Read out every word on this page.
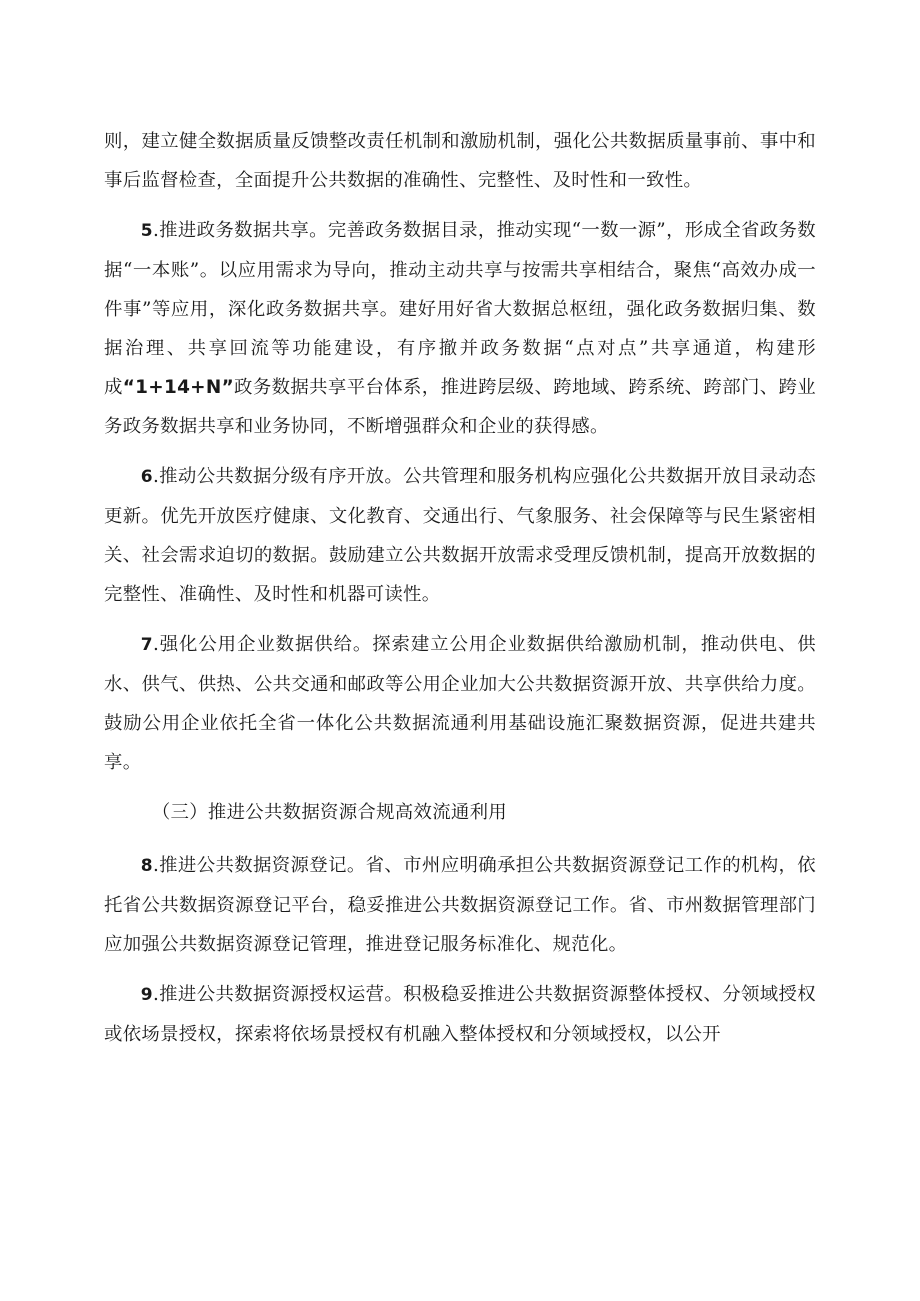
则，建立健全数据质量反馈整改责任机制和激励机制，强化公共数据质量事前、事中和事后监督检查，全面提升公共数据的准确性、完整性、及时性和一致性。

5.推进政务数据共享。完善政务数据目录，推动实现“一数一源”，形成全省政务数据“一本账”。以应用需求为导向，推动主动共享与按需共享相结合，聚焦“高效办成一件事”等应用，深化政务数据共享。建好用好省大数据总枢纽，强化政务数据归集、数据治理、共享回流等功能建设，有序撤并政务数据“点对点”共享通道，构建形成“1+14+N”政务数据共享平台体系，推进跨层级、跨地域、跨系统、跨部门、跨业务政务数据共享和业务协同，不断增强群众和企业的获得感。

6.推动公共数据分级有序开放。公共管理和服务机构应强化公共数据开放目录动态更新。优先开放医疗健康、文化教育、交通出行、气象服务、社会保障等与民生紧密相关、社会需求迫切的数据。鼓励建立公共数据开放需求受理反馈机制，提高开放数据的完整性、准确性、及时性和机器可读性。

7.强化公用企业数据供给。探索建立公用企业数据供给激励机制，推动供电、供水、供气、供热、公共交通和邮政等公用企业加大公共数据资源开放、共享供给力度。鼓励公用企业依托全省一体化公共数据流通利用基础设施汇聚数据资源，促进共建共享。

（三）推进公共数据资源合规高效流通利用

8.推进公共数据资源登记。省、市州应明确承担公共数据资源登记工作的机构，依托省公共数据资源登记平台，稳妥推进公共数据资源登记工作。省、市州数据管理部门应加强公共数据资源登记管理，推进登记服务标准化、规范化。

9.推进公共数据资源授权运营。积极稳妥推进公共数据资源整体授权、分领域授权或依场景授权，探索将依场景授权有机融入整体授权和分领域授权，以公开
